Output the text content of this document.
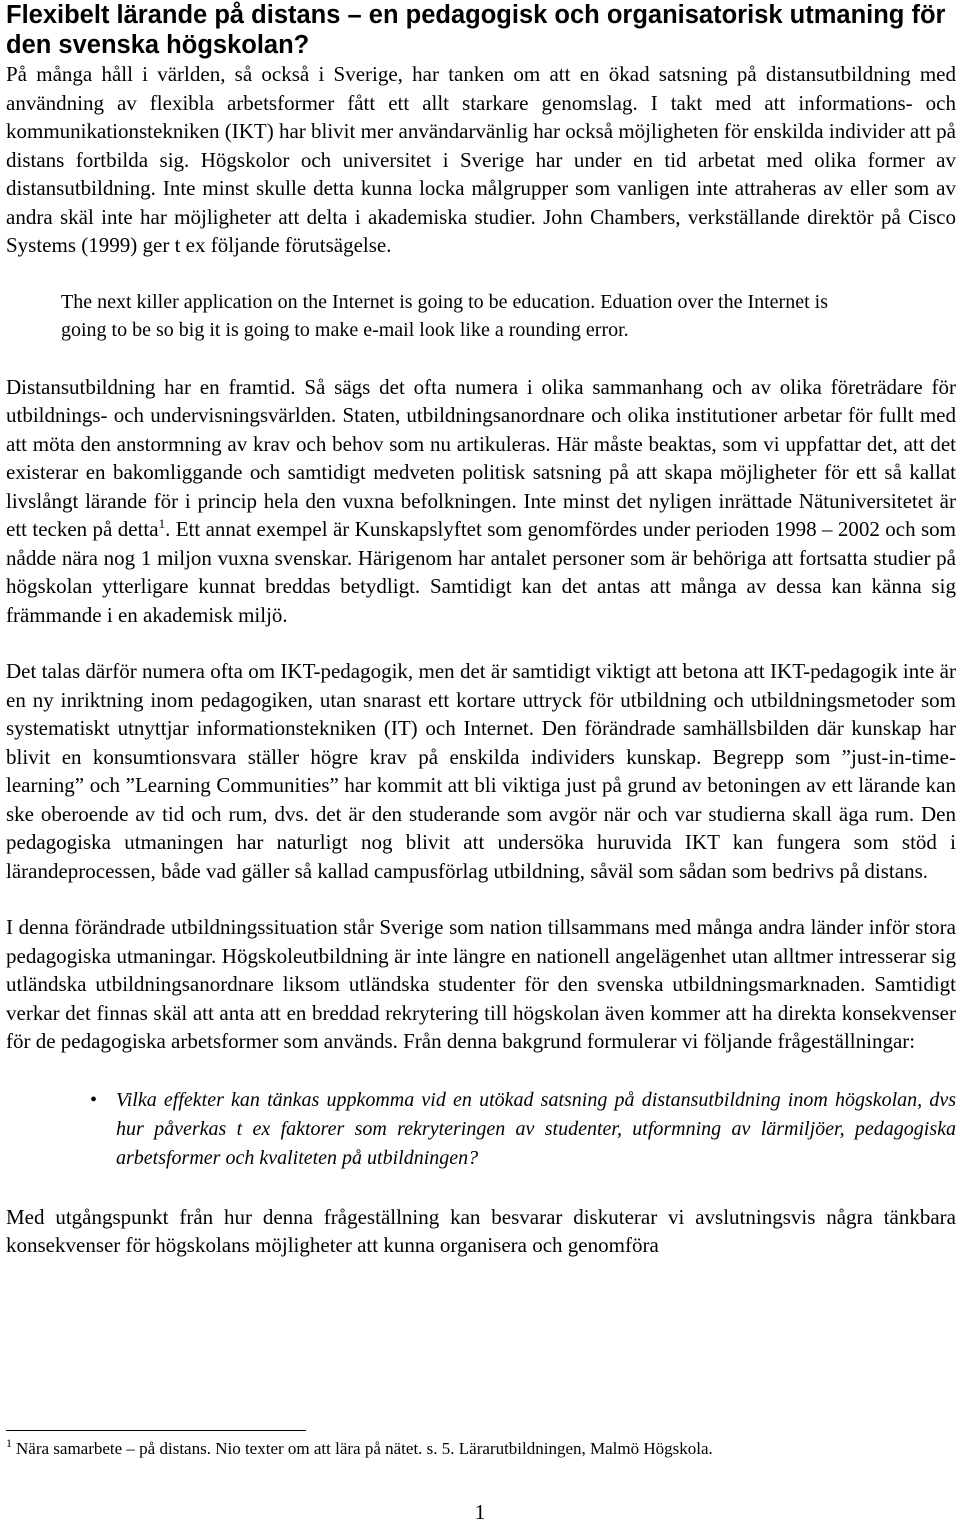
Flexibelt lärande på distans – en pedagogisk och organisatorisk utmaning för den svenska högskolan?

På många håll i världen, så också i Sverige, har tanken om att en ökad satsning på distansutbildning med användning av flexibla arbetsformer fått ett allt starkare genomslag. I takt med att informations- och kommunikationstekniken (IKT) har blivit mer användarvänlig har också möjligheten för enskilda individer att på distans fortbilda sig. Högskolor och universitet i Sverige har under en tid arbetat med olika former av distansutbildning. Inte minst skulle detta kunna locka målgrupper som vanligen inte attraheras av eller som av andra skäl inte har möjligheter att delta i akademiska studier. John Chambers, verkställande direktör på Cisco Systems (1999) ger t ex följande förutsägelse.

The next killer application on the Internet is going to be education. Eduation over the Internet is going to be so big it is going to make e-mail look like a rounding error.

Distansutbildning har en framtid. Så sägs det ofta numera i olika sammanhang och av olika företrädare för utbildnings- och undervisningsvärlden. Staten, utbildningsanordnare och olika institutioner arbetar för fullt med att möta den anstormning av krav och behov som nu artikuleras. Här måste beaktas, som vi uppfattar det, att det existerar en bakomliggande och samtidigt medveten politisk satsning på att skapa möjligheter för ett så kallat livslångt lärande för i princip hela den vuxna befolkningen. Inte minst det nyligen inrättade Nätuniversitetet är ett tecken på detta$^1$. Ett annat exempel är Kunskapslyftet som genomfördes under perioden 1998 – 2002 och som nådde nära nog 1 miljon vuxna svenskar. Härigenom har antalet personer som är behöriga att fortsatta studier på högskolan ytterligare kunnat breddas betydligt. Samtidigt kan det antas att många av dessa kan känna sig främmande i en akademisk miljö.

Det talas därför numera ofta om IKT-pedagogik, men det är samtidigt viktigt att betona att IKT-pedagogik inte är en ny inriktning inom pedagogiken, utan snarast ett kortare uttryck för utbildning och utbildningsmetoder som systematiskt utnyttjar informationstekniken (IT) och Internet. Den förändrade samhällsbilden där kunskap har blivit en konsumtionsvara ställer högre krav på enskilda individers kunskap. Begrepp som ”just-in-time-learning” och ”Learning Communities” har kommit att bli viktiga just på grund av betoningen av ett lärande kan ske oberoende av tid och rum, dvs. det är den studerande som avgör när och var studierna skall äga rum. Den pedagogiska utmaningen har naturligt nog blivit att undersöka huruvida IKT kan fungera som stöd i lärandeprocessen, både vad gäller så kallad campusförlag utbildning, såväl som sådan som bedrivs på distans.

I denna förändrade utbildningssituation står Sverige som nation tillsammans med många andra länder inför stora pedagogiska utmaningar. Högskoleutbildning är inte längre en nationell angelägenhet utan alltmer intresserar sig utländska utbildningsanordnare liksom utländska studenter för den svenska utbildningsmarknaden. Samtidigt verkar det finnas skäl att anta att en breddad rekrytering till högskolan även kommer att ha direkta konsekvenser för de pedagogiska arbetsformer som används. Från denna bakgrund formulerar vi följande frågeställningar:

• Vilka effekter kan tänkas uppkomma vid en utökad satsning på distansutbildning inom högskolan, dvs hur påverkas t ex faktorer som rekryteringen av studenter, utformning av lärmiljöer, pedagogiska arbetsformer och kvaliteten på utbildningen?

Med utgångspunkt från hur denna frågeställning kan besvarar diskuterar vi avslutningsvis några tänkbara konsekvenser för högskolans möjligheter att kunna organisera och genomföra

$^1$ Nära samarbete – på distans. Nio texter om att lära på nätet. s. 5. Lärarutbildningen, Malmö Högskola.
1
